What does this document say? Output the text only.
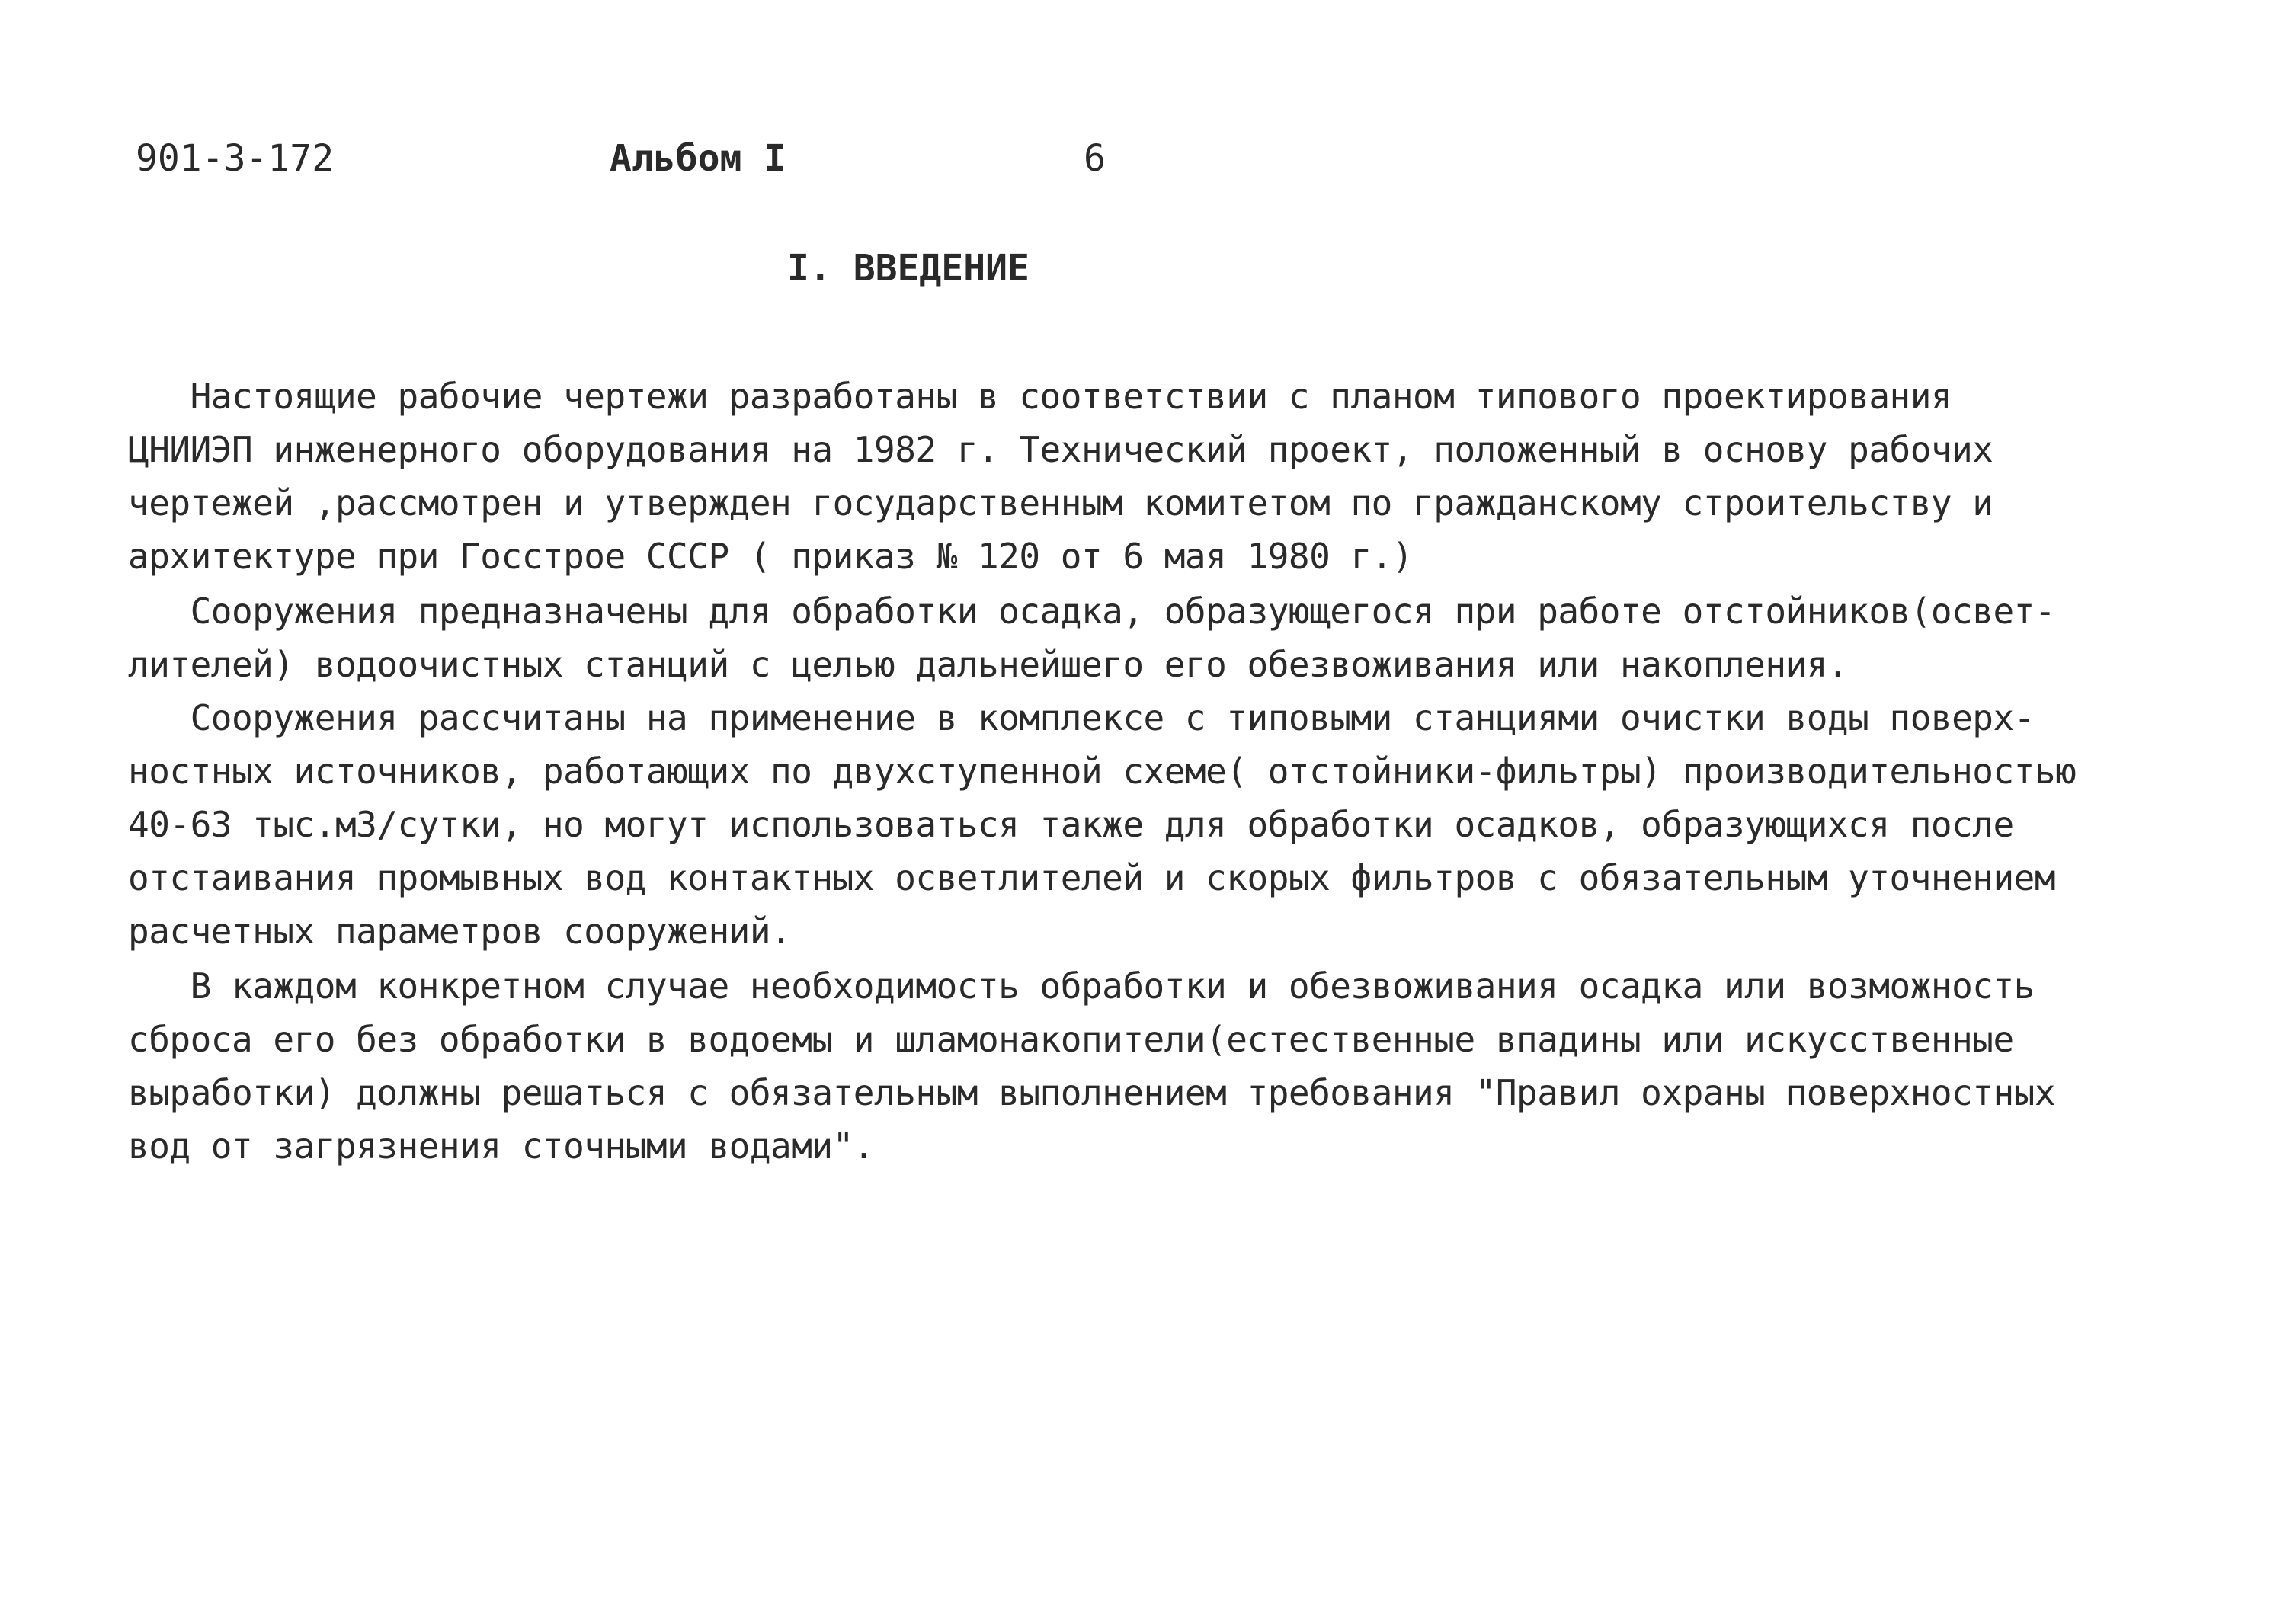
901-3-172	Альбом I	6
I. ВВЕДЕНИЕ
Настоящие рабочие чертежи разработаны в соответствии с планом типового проектирования
ЦНИИЭП инженерного оборудования на 1982 г. Технический проект, положенный в основу рабочих
чертежей ,рассмотрен и утвержден государственным комитетом по гражданскому строительству и
архитектуре при Госстрое СССР ( приказ № 120 от 6 мая 1980 г.)
Сооружения предназначены для обработки осадка, образующегося при работе отстойников(освет-
лителей) водоочистных станций с целью дальнейшего его обезвоживания или накопления.
Сооружения рассчитаны на применение в комплексе с типовыми станциями очистки воды поверх-
ностных источников, работающих по двухступенной схеме( отстойники-фильтры) производительностью
40-63 тыс.м3/сутки, но могут использоваться также для обработки осадков, образующихся после
отстаивания промывных вод контактных осветлителей и скорых фильтров с обязательным уточнением
расчетных параметров сооружений.
В каждом конкретном случае необходимость обработки и обезвоживания осадка или возможность
сброса его без обработки в водоемы и шламонакопители(естественные впадины или искусственные
выработки) должны решаться с обязательным выполнением требования "Правил охраны поверхностных
вод от загрязнения сточными водами".
